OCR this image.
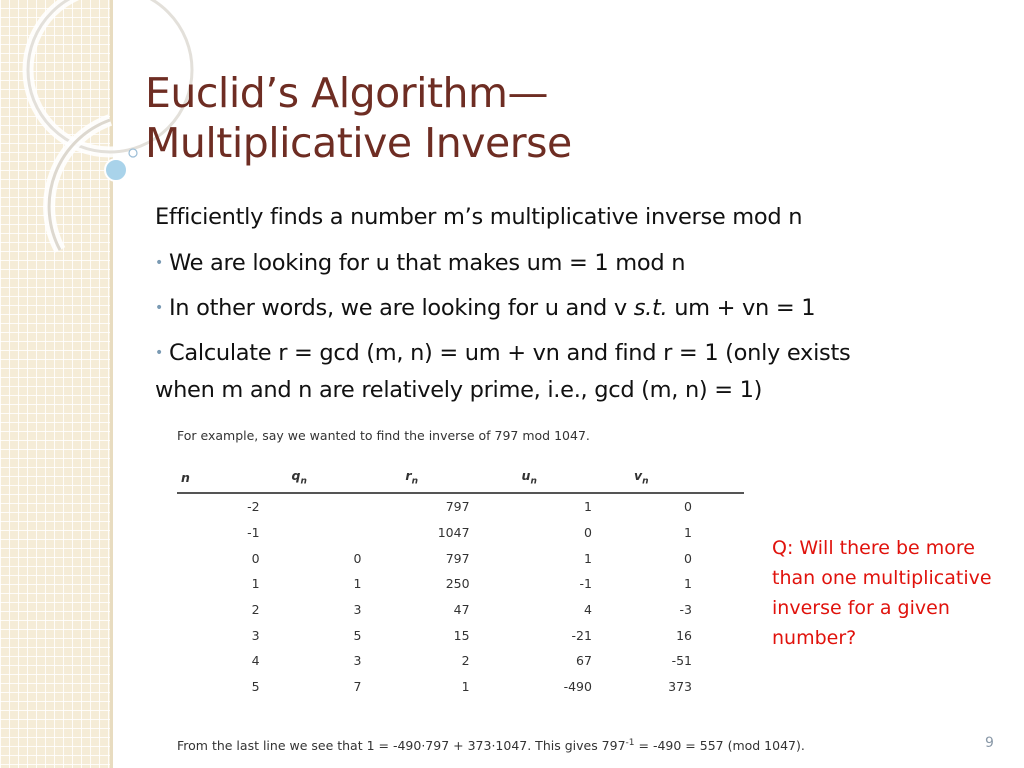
Euclid’s Algorithm—
Multiplicative Inverse
Efficiently finds a number m’s multiplicative inverse mod n
• We are looking for u that makes um = 1 mod n
• In other words, we are looking for u and v s.t. um + vn = 1
• Calculate r = gcd (m, n) = um + vn and find r = 1 (only exists
when m and n are relatively prime, i.e., gcd (m, n) = 1)
For example, say we wanted to find the inverse of 797 mod 1047.
n	$q_n$	$r_n$	$u_n$	$v_n$
-2		797	1	0
-1		1047	0	1
0	0	797	1	0
1	1	250	-1	1
2	3	47	4	-3
3	5	15	-21	16
4	3	2	67	-51
5	7	1	-490	373
From the last line we see that 1 = -490·797 + 373·1047. This gives $797^{-1} = -490 = 557$ (mod 1047).
Q: Will there be more than one multiplicative inverse for a given number?
9
